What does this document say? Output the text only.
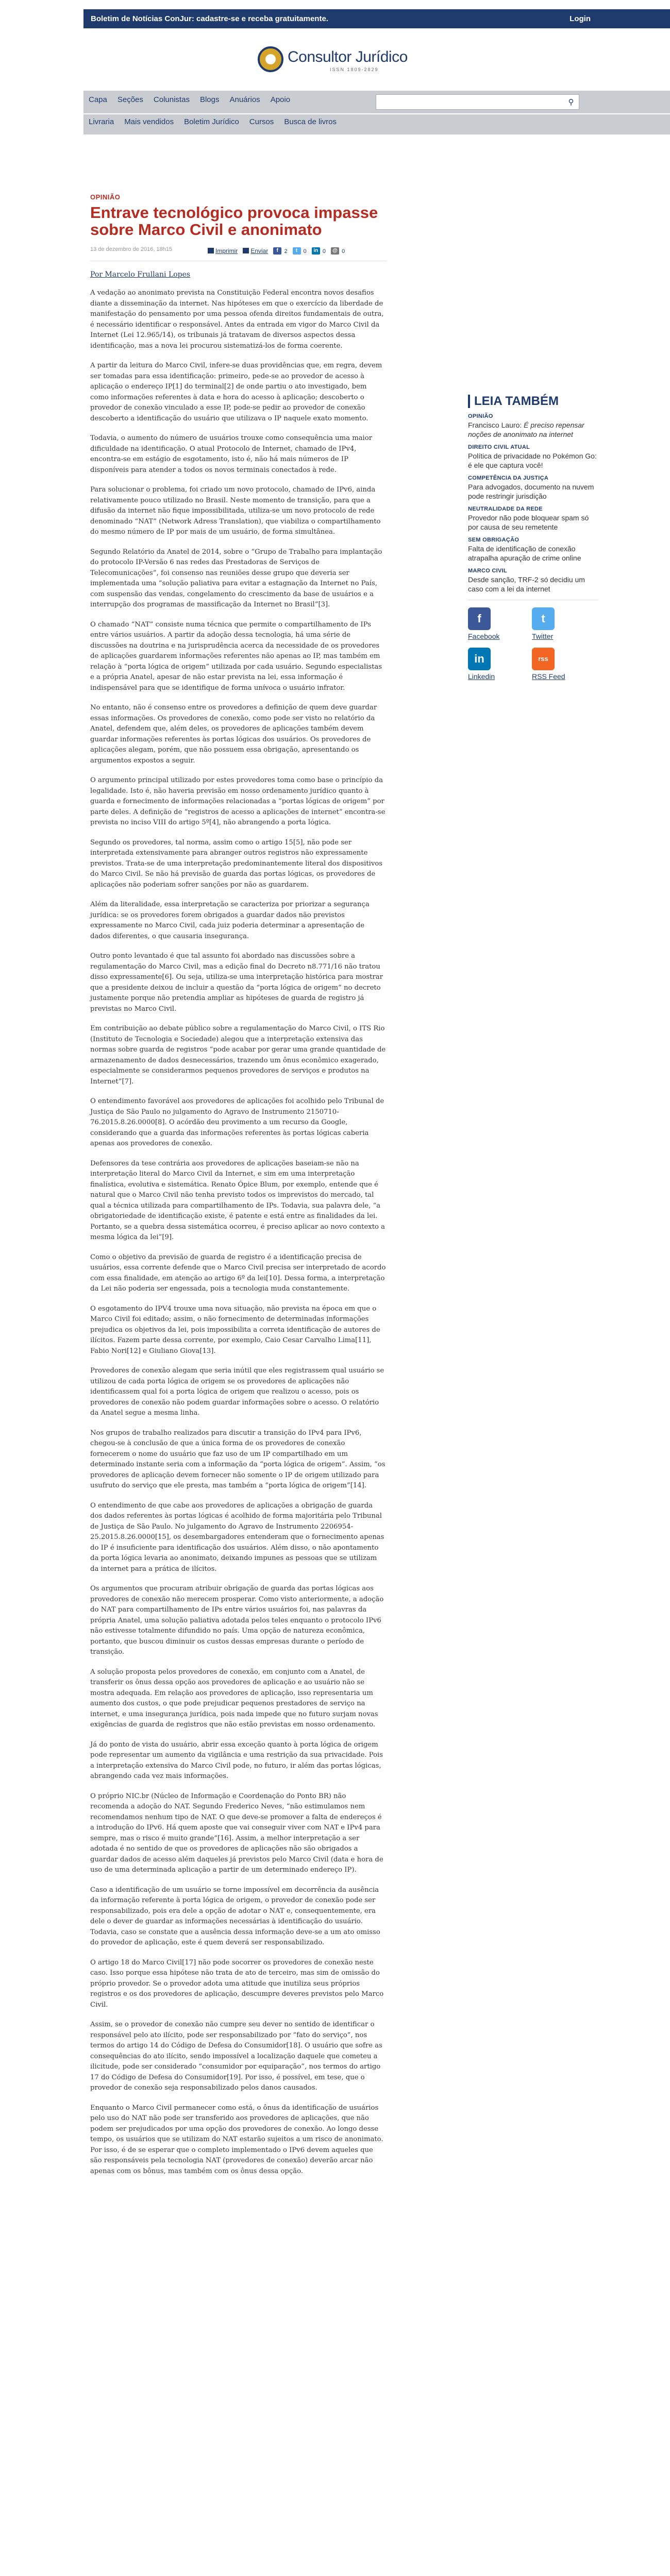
Boletim de Notícias ConJur: cadastre-se e receba gratuitamente.	Login
Consultor Jurídico
ISSN 1809-2829
Capa Seções Colunistas Blogs Anuários Apoio	⚲
Livraria Mais vendidos Boletim Jurídico Cursos Busca de livros
OPINIÃO
Entrave tecnológico provoca impasse sobre Marco Civil e anonimato
13 de dezembro de 2016, 18h15	Imprimir	Enviar	f 2	t 0	in 0	@ 0
Por Marcelo Frullani Lopes

A vedação ao anonimato prevista na Constituição Federal encontra novos desafios diante a disseminação da internet. Nas hipóteses em que o exercício da liberdade de manifestação do pensamento por uma pessoa ofenda direitos fundamentais de outra, é necessário identificar o responsável. Antes da entrada em vigor do Marco Civil da Internet (Lei 12.965/14), os tribunais já tratavam de diversos aspectos dessa identificação, mas a nova lei procurou sistematizá-los de forma coerente.

A partir da leitura do Marco Civil, infere-se duas providências que, em regra, devem ser tomadas para essa identificação: primeiro, pede-se ao provedor de acesso à aplicação o endereço IP[1] do terminal[2] de onde partiu o ato investigado, bem como informações referentes à data e hora do acesso à aplicação; descoberto o provedor de conexão vinculado a esse IP, pode-se pedir ao provedor de conexão descoberto a identificação do usuário que utilizava o IP naquele exato momento.

Todavia, o aumento do número de usuários trouxe como consequência uma maior dificuldade na identificação. O atual Protocolo de Internet, chamado de IPv4, encontra-se em estágio de esgotamento, isto é, não há mais números de IP disponíveis para atender a todos os novos terminais conectados à rede.

Para solucionar o problema, foi criado um novo protocolo, chamado de IPv6, ainda relativamente pouco utilizado no Brasil. Neste momento de transição, para que a difusão da internet não fique impossibilitada, utiliza-se um novo protocolo de rede denominado “NAT” (Network Adress Translation), que viabiliza o compartilhamento do mesmo número de IP por mais de um usuário, de forma simultânea.

Segundo Relatório da Anatel de 2014, sobre o “Grupo de Trabalho para implantação do protocolo IP-Versão 6 nas redes das Prestadoras de Serviços de Telecomunicações”, foi consenso nas reuniões desse grupo que deveria ser implementada uma “solução paliativa para evitar a estagnação da Internet no País, com suspensão das vendas, congelamento do crescimento da base de usuários e a interrupção dos programas de massificação da Internet no Brasil”[3].

O chamado “NAT” consiste numa técnica que permite o compartilhamento de IPs entre vários usuários. A partir da adoção dessa tecnologia, há uma série de discussões na doutrina e na jurisprudência acerca da necessidade de os provedores de aplicações guardarem informações referentes não apenas ao IP, mas também em relação à “porta lógica de origem” utilizada por cada usuário. Segundo especialistas e a própria Anatel, apesar de não estar prevista na lei, essa informação é indispensável para que se identifique de forma unívoca o usuário infrator.

No entanto, não é consenso entre os provedores a definição de quem deve guardar essas informações. Os provedores de conexão, como pode ser visto no relatório da Anatel, defendem que, além deles, os provedores de aplicações também devem guardar informações referentes às portas lógicas dos usuários. Os provedores de aplicações alegam, porém, que não possuem essa obrigação, apresentando os argumentos expostos a seguir.

O argumento principal utilizado por estes provedores toma como base o princípio da legalidade. Isto é, não haveria previsão em nosso ordenamento jurídico quanto à guarda e fornecimento de informações relacionadas a “portas lógicas de origem” por parte deles. A definição de “registros de acesso a aplicações de internet” encontra-se prevista no inciso VIII do artigo 5º[4], não abrangendo a porta lógica.

Segundo os provedores, tal norma, assim como o artigo 15[5], não pode ser interpretada extensivamente para abranger outros registros não expressamente previstos. Trata-se de uma interpretação predominantemente literal dos dispositivos do Marco Civil. Se não há previsão de guarda das portas lógicas, os provedores de aplicações não poderiam sofrer sanções por não as guardarem.

Além da literalidade, essa interpretação se caracteriza por priorizar a segurança jurídica: se os provedores forem obrigados a guardar dados não previstos expressamente no Marco Civil, cada juiz poderia determinar a apresentação de dados diferentes, o que causaria insegurança.

Outro ponto levantado é que tal assunto foi abordado nas discussões sobre a regulamentação do Marco Civil, mas a edição final do Decreto n8.771/16 não tratou disso expressamente[6]. Ou seja, utiliza-se uma interpretação histórica para mostrar que a presidente deixou de incluir a questão da “porta lógica de origem” no decreto justamente porque não pretendia ampliar as hipóteses de guarda de registro já previstas no Marco Civil.

Em contribuição ao debate público sobre a regulamentação do Marco Civil, o ITS Rio (Instituto de Tecnologia e Sociedade) alegou que a interpretação extensiva das normas sobre guarda de registros “pode acabar por gerar uma grande quantidade de armazenamento de dados desnecessários, trazendo um ônus econômico exagerado, especialmente se considerarmos pequenos provedores de serviços e produtos na Internet”[7].

O entendimento favorável aos provedores de aplicações foi acolhido pelo Tribunal de Justiça de São Paulo no julgamento do Agravo de Instrumento 2150710-76.2015.8.26.0000[8]. O acórdão deu provimento a um recurso da Google, considerando que a guarda das informações referentes às portas lógicas caberia apenas aos provedores de conexão.

Defensores da tese contrária aos provedores de aplicações baseiam-se não na interpretação literal do Marco Civil da Internet, e sim em uma interpretação finalística, evolutiva e sistemática. Renato Ópice Blum, por exemplo, entende que é natural que o Marco Civil não tenha previsto todos os imprevistos do mercado, tal qual a técnica utilizada para compartilhamento de IPs. Todavia, sua palavra dele, “a obrigatoriedade de identificação existe, é patente e está entre as finalidades da lei. Portanto, se a quebra dessa sistemática ocorreu, é preciso aplicar ao novo contexto a mesma lógica da lei”[9].

Como o objetivo da previsão de guarda de registro é a identificação precisa de usuários, essa corrente defende que o Marco Civil precisa ser interpretado de acordo com essa finalidade, em atenção ao artigo 6º da lei[10]. Dessa forma, a interpretação da Lei não poderia ser engessada, pois a tecnologia muda constantemente.

O esgotamento do IPV4 trouxe uma nova situação, não prevista na época em que o Marco Civil foi editado; assim, o não fornecimento de determinadas informações prejudica os objetivos da lei, pois impossibilita a correta identificação de autores de ilícitos. Fazem parte dessa corrente, por exemplo, Caio Cesar Carvalho Lima[11], Fabio Nori[12] e Giuliano Giova[13].

Provedores de conexão alegam que seria inútil que eles registrassem qual usuário se utilizou de cada porta lógica de origem se os provedores de aplicações não identificassem qual foi a porta lógica de origem que realizou o acesso, pois os provedores de conexão não podem guardar informações sobre o acesso. O relatório da Anatel segue a mesma linha.

Nos grupos de trabalho realizados para discutir a transição do IPv4 para IPv6, chegou-se à conclusão de que a única forma de os provedores de conexão fornecerem o nome do usuário que faz uso de um IP compartilhado em um determinado instante seria com a informação da “porta lógica de origem”. Assim, “os provedores de aplicação devem fornecer não somente o IP de origem utilizado para usufruto do serviço que ele presta, mas também a “porta lógica de origem”[14].

O entendimento de que cabe aos provedores de aplicações a obrigação de guarda dos dados referentes às portas lógicas é acolhido de forma majoritária pelo Tribunal de Justiça de São Paulo. No julgamento do Agravo de Instrumento 2206954-25.2015.8.26.0000[15], os desembargadores entenderam que o fornecimento apenas do IP é insuficiente para identificação dos usuários. Além disso, o não apontamento da porta lógica levaria ao anonimato, deixando impunes as pessoas que se utilizam da internet para a prática de ilícitos.

Os argumentos que procuram atribuir obrigação de guarda das portas lógicas aos provedores de conexão não merecem prosperar. Como visto anteriormente, a adoção do NAT para compartilhamento de IPs entre vários usuários foi, nas palavras da própria Anatel, uma solução paliativa adotada pelos teles enquanto o protocolo IPv6 não estivesse totalmente difundido no país. Uma opção de natureza econômica, portanto, que buscou diminuir os custos dessas empresas durante o período de transição.

A solução proposta pelos provedores de conexão, em conjunto com a Anatel, de transferir os ônus dessa opção aos provedores de aplicação e ao usuário não se mostra adequada. Em relação aos provedores de aplicação, isso representaria um aumento dos custos, o que pode prejudicar pequenos prestadores de serviço na internet, e uma insegurança jurídica, pois nada impede que no futuro surjam novas exigências de guarda de registros que não estão previstas em nosso ordenamento.

Já do ponto de vista do usuário, abrir essa exceção quanto à porta lógica de origem pode representar um aumento da vigilância e uma restrição da sua privacidade. Pois a interpretação extensiva do Marco Civil pode, no futuro, ir além das portas lógicas, abrangendo cada vez mais informações.

O próprio NIC.br (Núcleo de Informação e Coordenação do Ponto BR) não recomenda a adoção do NAT. Segundo Frederico Neves, “não estimulamos nem recomendamos nenhum tipo de NAT. O que deve-se promover a falta de endereços é a introdução do IPv6. Há quem aposte que vai conseguir viver com NAT e IPv4 para sempre, mas o risco é muito grande”[16]. Assim, a melhor interpretação a ser adotada é no sentido de que os provedores de aplicações não são obrigados a guardar dados de acesso além daqueles já previstos pelo Marco Civil (data e hora de uso de uma determinada aplicação a partir de um determinado endereço IP).

Caso a identificação de um usuário se torne impossível em decorrência da ausência da informação referente à porta lógica de origem, o provedor de conexão pode ser responsabilizado, pois era dele a opção de adotar o NAT e, consequentemente, era dele o dever de guardar as informações necessárias à identificação do usuário. Todavia, caso se constate que a ausência dessa informação deve-se a um ato omisso do provedor de aplicação, este é quem deverá ser responsabilizado.

O artigo 18 do Marco Civil[17] não pode socorrer os provedores de conexão neste caso. Isso porque essa hipótese não trata de ato de terceiro, mas sim de omissão do próprio provedor. Se o provedor adota uma atitude que inutiliza seus próprios registros e os dos provedores de aplicação, descumpre deveres previstos pelo Marco Civil.

Assim, se o provedor de conexão não cumpre seu dever no sentido de identificar o responsável pelo ato ilícito, pode ser responsabilizado por “fato do serviço”, nos termos do artigo 14 do Código de Defesa do Consumidor[18]. O usuário que sofre as consequências do ato ilícito, sendo impossível a localização daquele que cometeu a ilicitude, pode ser considerado “consumidor por equiparação”, nos termos do artigo 17 do Código de Defesa do Consumidor[19]. Por isso, é possível, em tese, que o provedor de conexão seja responsabilizado pelos danos causados.

Enquanto o Marco Civil permanecer como está, o ônus da identificação de usuários pelo uso do NAT não pode ser transferido aos provedores de aplicações, que não podem ser prejudicados por uma opção dos provedores de conexão. Ao longo desse tempo, os usuários que se utilizam do NAT estarão sujeitos a um risco de anonimato. Por isso, é de se esperar que o completo implementado o IPv6 devem aqueles que são responsáveis pela tecnologia NAT (provedores de conexão) deverão arcar não apenas com os bônus, mas também com os ônus dessa opção.

LEIA TAMBÉM
OPINIÃO
Francisco Lauro: É preciso repensar noções de anonimato na internet
DIREITO CIVIL ATUAL
Política de privacidade no Pokémon Go: é ele que captura você!
COMPETÊNCIA DA JUSTIÇA
Para advogados, documento na nuvem pode restringir jurisdição
NEUTRALIDADE DA REDE
Provedor não pode bloquear spam só por causa de seu remetente
SEM OBRIGAÇÃO
Falta de identificação de conexão atrapalha apuração de crime online
MARCO CIVIL
Desde sanção, TRF-2 só decidiu um caso com a lei da internet
f
Facebook
t
Twitter
in
Linkedin
rss
RSS Feed
